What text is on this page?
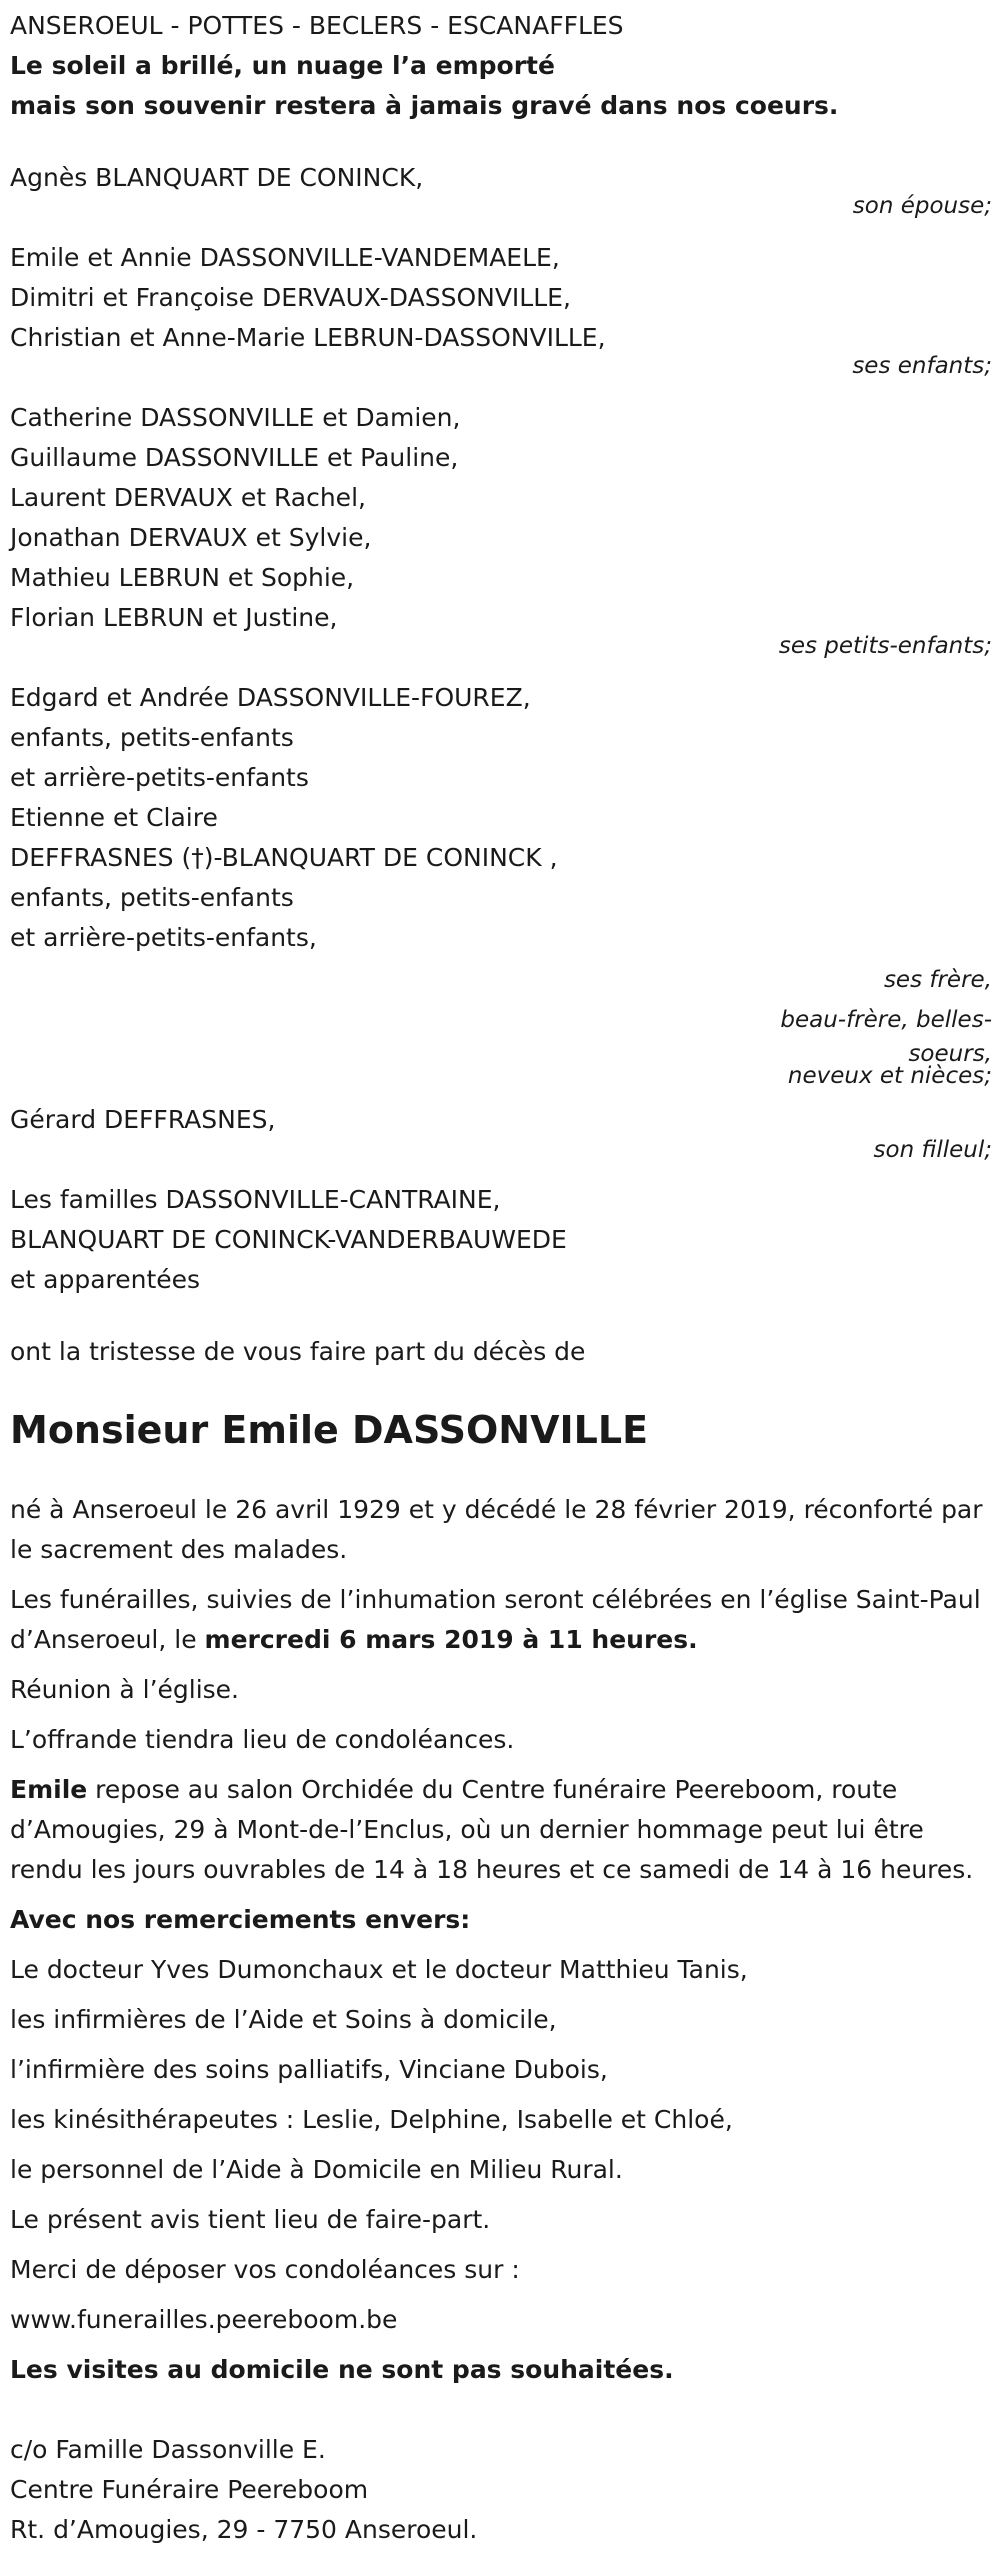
ANSEROEUL - POTTES - BECLERS - ESCANAFFLES

Le soleil a brillé, un nuage l’a emporté

mais son souvenir restera à jamais gravé dans nos coeurs.

Agnès BLANQUART DE CONINCK,

son épouse;

Emile et Annie DASSONVILLE-VANDEMAELE,

Dimitri et Françoise DERVAUX-DASSONVILLE,

Christian et Anne-Marie LEBRUN-DASSONVILLE,

ses enfants;

Catherine DASSONVILLE et Damien,

Guillaume DASSONVILLE et Pauline,

Laurent DERVAUX et Rachel,

Jonathan DERVAUX et Sylvie,

Mathieu LEBRUN et Sophie,

Florian LEBRUN et Justine,

ses petits-enfants;

Edgard et Andrée DASSONVILLE-FOUREZ,

enfants, petits-enfants

et arrière-petits-enfants

Etienne et Claire

DEFFRASNES (†)-BLANQUART DE CONINCK ,

enfants, petits-enfants

et arrière-petits-enfants,

ses frère,
beau-frère, belles-
soeurs,
neveux et nièces;

Gérard DEFFRASNES,

son filleul;

Les familles DASSONVILLE-CANTRAINE,

BLANQUART DE CONINCK-VANDERBAUWEDE

et apparentées

ont la tristesse de vous faire part du décès de

Monsieur Emile DASSONVILLE

né à Anseroeul le 26 avril 1929 et y décédé le 28 février 2019, réconforté par le sacrement des malades.

Les funérailles, suivies de l’inhumation seront célébrées en l’église Saint-Paul d’Anseroeul, le mercredi 6 mars 2019 à 11 heures.

Réunion à l’église.

L’offrande tiendra lieu de condoléances.

Emile repose au salon Orchidée du Centre funéraire Peereboom, route d’Amougies, 29 à Mont-de-l’Enclus, où un dernier hommage peut lui être rendu les jours ouvrables de 14 à 18 heures et ce samedi de 14 à 16 heures.

Avec nos remerciements envers:

Le docteur Yves Dumonchaux et le docteur Matthieu Tanis,

les infirmières de l’Aide et Soins à domicile,

l’infirmière des soins palliatifs, Vinciane Dubois,

les kinésithérapeutes : Leslie, Delphine, Isabelle et Chloé,

le personnel de l’Aide à Domicile en Milieu Rural.

Le présent avis tient lieu de faire-part.

Merci de déposer vos condoléances sur :

www.funerailles.peereboom.be

Les visites au domicile ne sont pas souhaitées.

c/o Famille Dassonville E.

Centre Funéraire Peereboom

Rt. d’Amougies, 29 - 7750 Anseroeul.
